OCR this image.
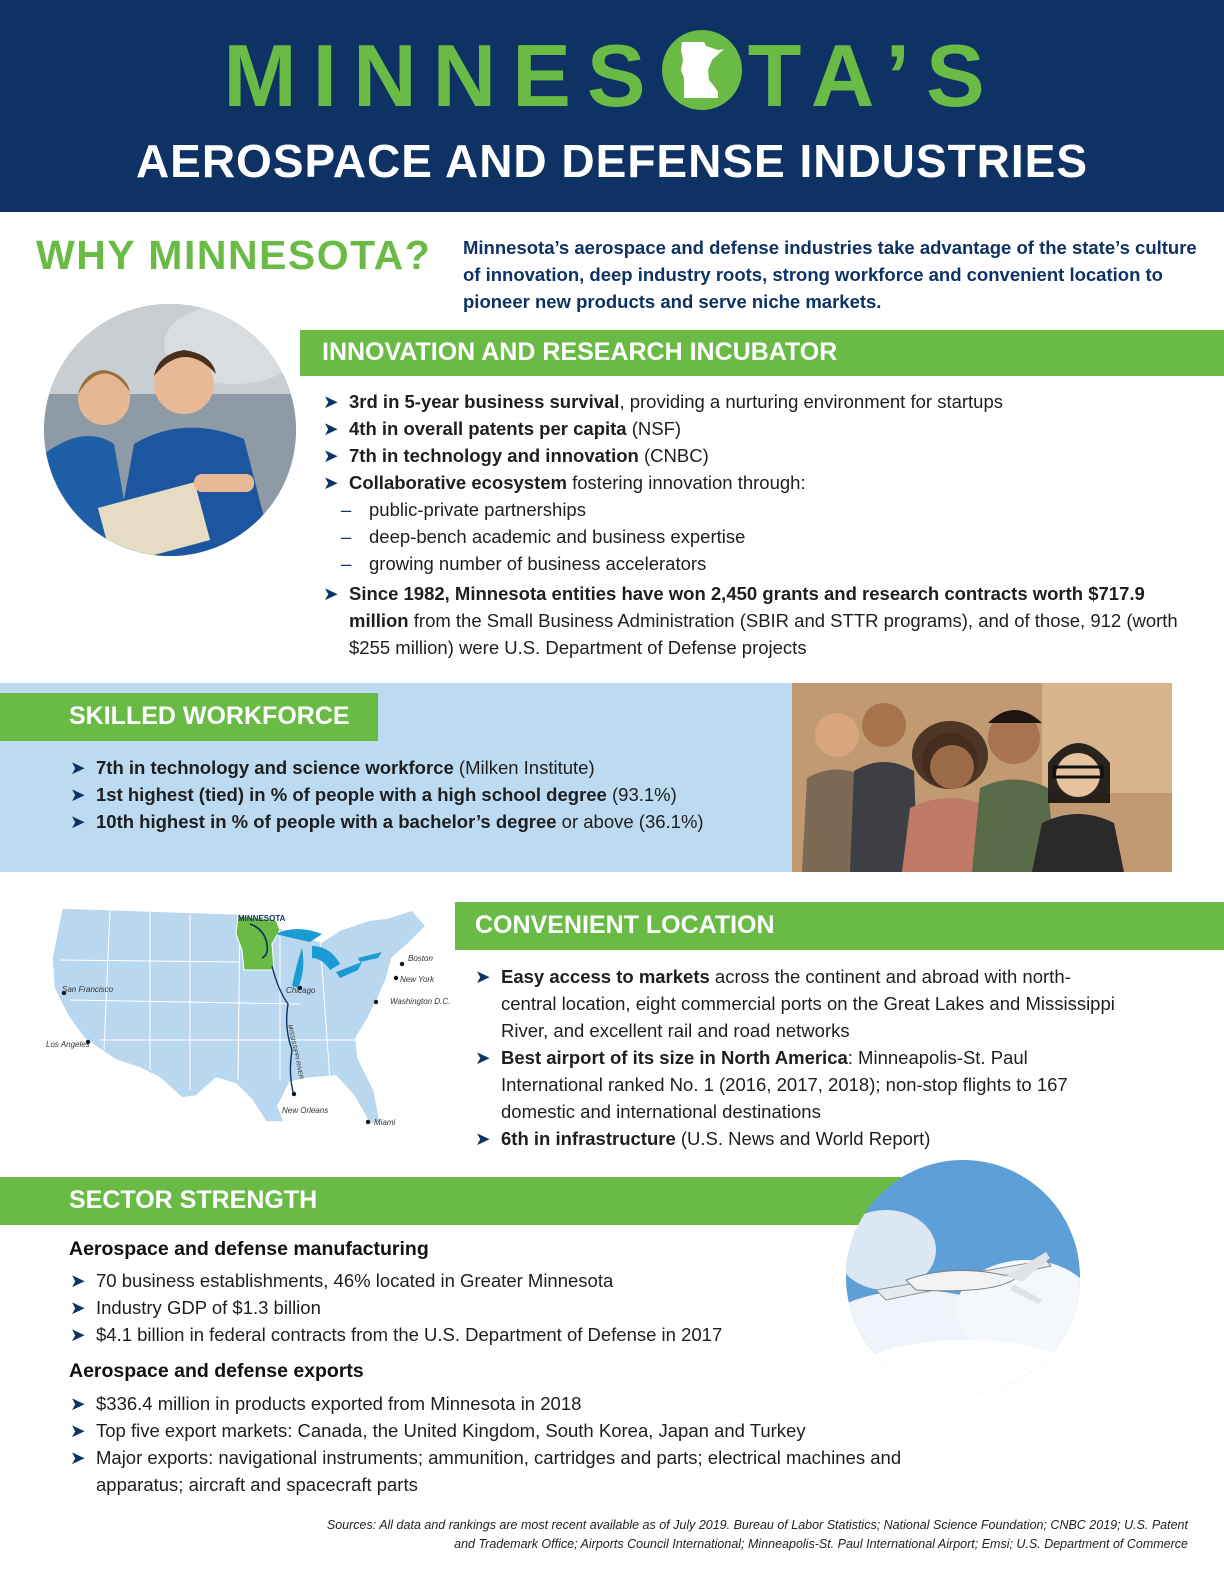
MINNES TA’S
AEROSPACE AND DEFENSE INDUSTRIES
WHY MINNESOTA? Minnesota’s aerospace and defense industries take advantage of the state’s culture of innovation, deep industry roots, strong workforce and convenient location to pioneer new products and serve niche markets.
INNOVATION AND RESEARCH INCUBATOR
➤ 3rd in 5-year business survival, providing a nurturing environment for startups
➤ 4th in overall patents per capita (NSF)
➤ 7th in technology and innovation (CNBC)
➤ Collaborative ecosystem fostering innovation through:
– public-private partnerships
– deep-bench academic and business expertise
– growing number of business accelerators
➤ Since 1982, Minnesota entities have won 2,450 grants and research contracts worth $717.9 million from the Small Business Administration (SBIR and STTR programs), and of those, 912 (worth $255 million) were U.S. Department of Defense projects
SKILLED WORKFORCE
➤ 7th in technology and science workforce (Milken Institute)
➤ 1st highest (tied) in % of people with a high school degree (93.1%)
➤ 10th highest in % of people with a bachelor’s degree or above (36.1%)
MINNESOTA
San Francisco
Los Angeles
Chicago
New Orleans
Miami
Boston
New York
Washington D.C.
MISSISSIPPI RIVER
CONVENIENT LOCATION
➤ Easy access to markets across the continent and abroad with north-central location, eight commercial ports on the Great Lakes and Mississippi River, and excellent rail and road networks
➤ Best airport of its size in North America: Minneapolis-St. Paul International ranked No. 1 (2016, 2017, 2018); non-stop flights to 167 domestic and international destinations
➤ 6th in infrastructure (U.S. News and World Report)
SECTOR STRENGTH
Aerospace and defense manufacturing
➤ 70 business establishments, 46% located in Greater Minnesota
➤ Industry GDP of $1.3 billion
➤ $4.1 billion in federal contracts from the U.S. Department of Defense in 2017
Aerospace and defense exports
➤ $336.4 million in products exported from Minnesota in 2018
➤ Top five export markets: Canada, the United Kingdom, South Korea, Japan and Turkey
➤ Major exports: navigational instruments; ammunition, cartridges and parts; electrical machines and apparatus; aircraft and spacecraft parts
Sources: All data and rankings are most recent available as of July 2019. Bureau of Labor Statistics; National Science Foundation; CNBC 2019; U.S. Patent
and Trademark Office; Airports Council International; Minneapolis-St. Paul International Airport; Emsi; U.S. Department of Commerce
